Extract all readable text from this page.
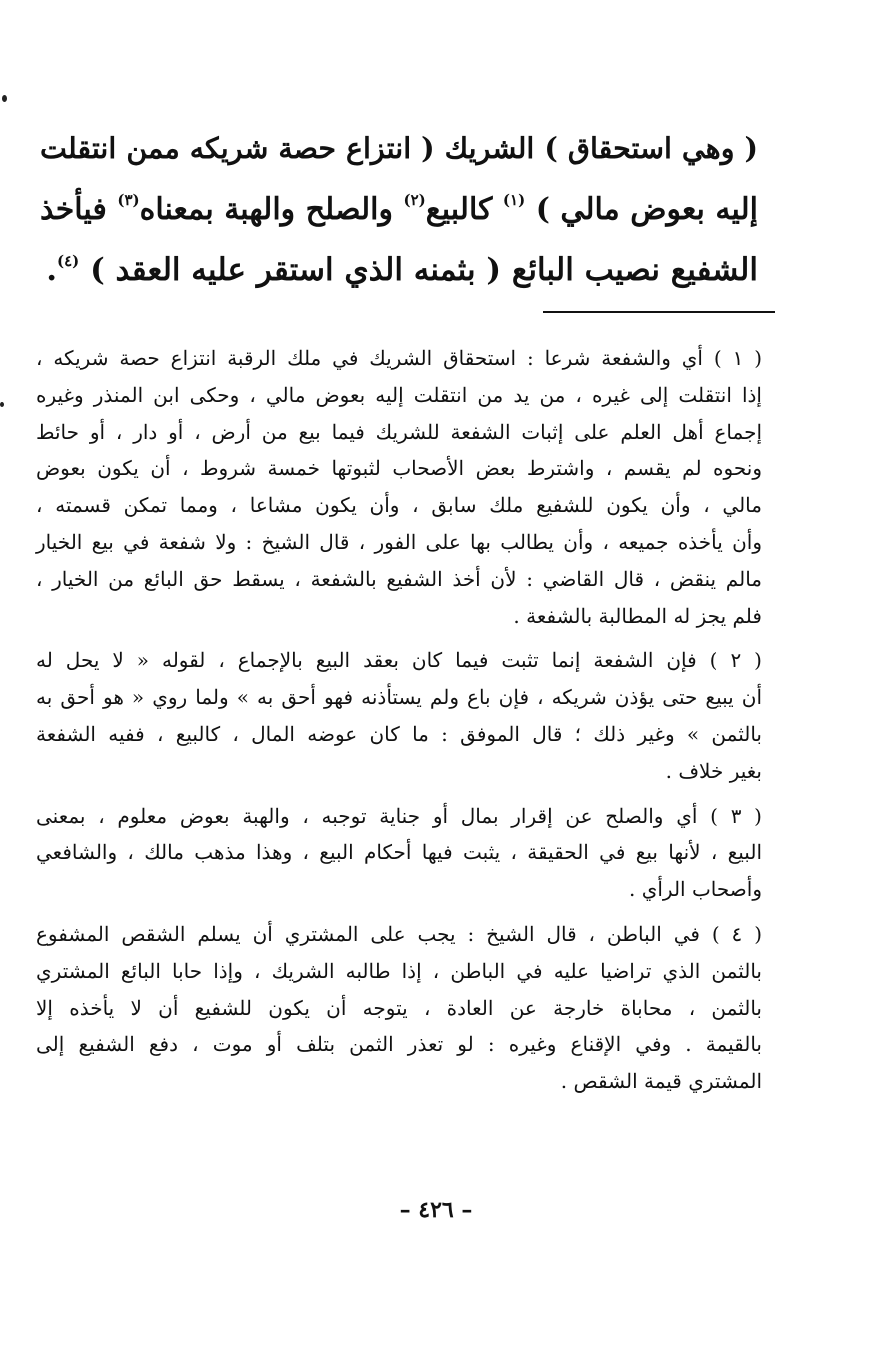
( وهي استحقاق ) الشريك ( انتزاع حصة شريكه ممن انتقلت
إليه بعوض مالي ) $^{(١)}$ كالبيع$^{(٢)}$ والصلح والهبة بمعناه$^{(٣)}$ فيأخذ
الشفيع نصيب البائع ( بثمنه الذي استقر عليه العقد ) $^{(٤)}$.
( ١ ) أي والشفعة شرعا : استحقاق الشريك في ملك الرقبة انتزاع حصة شريكه ،
إذا انتقلت إلى غيره ، من يد من انتقلت إليه بعوض مالي ، وحكى ابن المنذر وغيره
إجماع أهل العلم على إثبات الشفعة للشريك فيما بيع من أرض ، أو دار ، أو حائط
ونحوه لم يقسم ، واشترط بعض الأصحاب لثبوتها خمسة شروط ، أن يكون بعوض
مالي ، وأن يكون للشفيع ملك سابق ، وأن يكون مشاعا ، ومما تمكن قسمته ،
وأن يأخذه جميعه ، وأن يطالب بها على الفور ، قال الشيخ : ولا شفعة في بيع الخيار
مالم ينقض ، قال القاضي : لأن أخذ الشفيع بالشفعة ، يسقط حق البائع من الخيار ،
فلم يجز له المطالبة بالشفعة .
( ٢ ) فإن الشفعة إنما تثبت فيما كان بعقد البيع بالإجماع ، لقوله « لا يحل له
أن يبيع حتى يؤذن شريكه ، فإن باع ولم يستأذنه فهو أحق به » ولما روي « هو أحق به
بالثمن » وغير ذلك ؛ قال الموفق : ما كان عوضه المال ، كالبيع ، ففيه الشفعة
بغير خلاف .
( ٣ ) أي والصلح عن إقرار بمال أو جناية توجبه ، والهبة بعوض معلوم ، بمعنى
البيع ، لأنها بيع في الحقيقة ، يثبت فيها أحكام البيع ، وهذا مذهب مالك ، والشافعي
وأصحاب الرأي .
( ٤ ) في الباطن ، قال الشيخ : يجب على المشتري أن يسلم الشقص المشفوع
بالثمن الذي تراضيا عليه في الباطن ، إذا طالبه الشريك ، وإذا حابا البائع المشتري
بالثمن ، محاباة خارجة عن العادة ، يتوجه أن يكون للشفيع أن لا يأخذه إلا
بالقيمة . وفي الإقناع وغيره : لو تعذر الثمن بتلف أو موت ، دفع الشفيع إلى
المشتري قيمة الشقص .
– ٤٢٦ –
